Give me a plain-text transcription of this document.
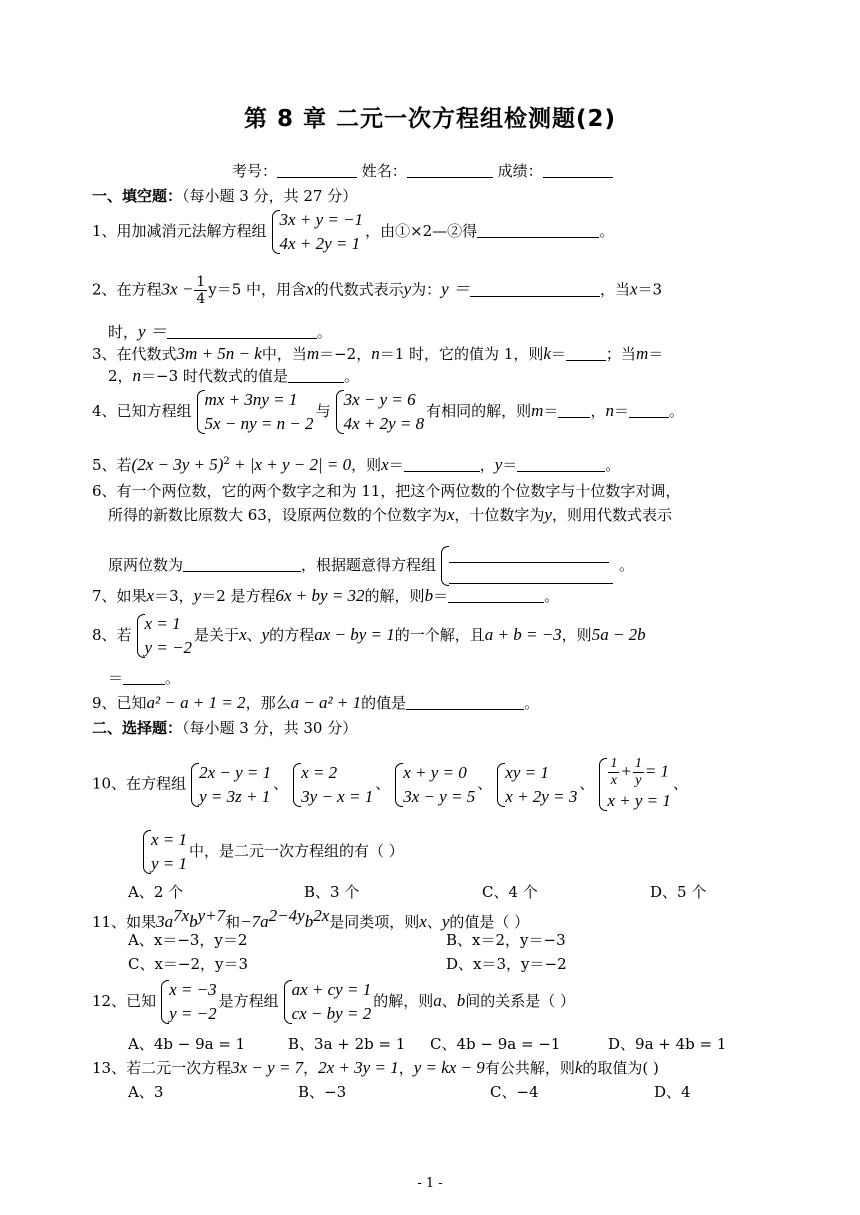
第 8 章 二元一次方程组检测题(2)
考号：	姓名：	成绩：
一、填空题：（每小题 3 分，共 27 分）
1、用加减消元法解方程组
3x + y = −1
4x + 2y = 1
，由①×2—②得	。
2、在方程$3x - \frac{1}{4} y=5$ 中，用含x的代数式表示y为：y ＝	，当x＝3
时，y ＝	。
3、在代数式3m + 5n − k中，当m＝−2，n＝1 时，它的值为 1，则k＝	；当m＝
2，n＝−3 时代数式的值是	。
4、已知方程组
mx + 3ny = 1
5x − ny = n − 2
与
3x − y = 6
4x + 2y = 8
有相同的解，则m＝ ，n＝	。
5、若$(2x - 3y + 5)^2 + |x + y - 2| = 0$，则x＝	，y＝	。
6、有一个两位数，它的两个数字之和为 11，把这个两位数的个位数字与十位数字对调，
所得的新数比原数大 63，设原两位数的个位数字为x，十位数字为y，则用代数式表示
原两位数为	，根据题意得方程组	。
7、如果x＝3，y＝2 是方程6x + by = 32的解，则b＝	。
8、若
x = 1
y = −2
是关于x、y的方程ax − by = 1的一个解，且a + b = −3，则5a − 2b
＝	。
9、已知a² − a + 1 = 2，那么a − a² + 1的值是	。
二、选择题：（每小题 3 分，共 30 分）
10、在方程组
2x − y = 1
y = 3z + 1
、
x = 2
3y − x = 1
、
x + y = 0
3x − y = 5
、
xy = 1
x + 2y = 3
、 $\frac{1}{x} + \frac{1}{y} = 1$
x + y = 1
、
x = 1
y = 1
中，是二元一次方程组的有（ ）
A、2 个	B、3 个	C、4 个	D、5 个
11、如果$3a^{7x}b^{y+7}$和$-7a^{2-4y}b^{2x}$是同类项，则x、y的值是（ ）
A、x＝−3，y＝2	B、x＝2，y＝−3
C、x＝−2，y＝3	D、x＝3，y＝−2
12、已知
x = −3
y = −2
是方程组
ax + cy = 1
cx − by = 2
的解，则a、b间的关系是（ ）
A、4b − 9a = 1	B、3a + 2b = 1 C、4b − 9a = −1	D、9a + 4b = 1
13、若二元一次方程3x − y = 7，2x + 3y = 1，y = kx − 9有公共解，则k的取值为( )
A、3	B、−3	C、−4	D、4
- 1 -
